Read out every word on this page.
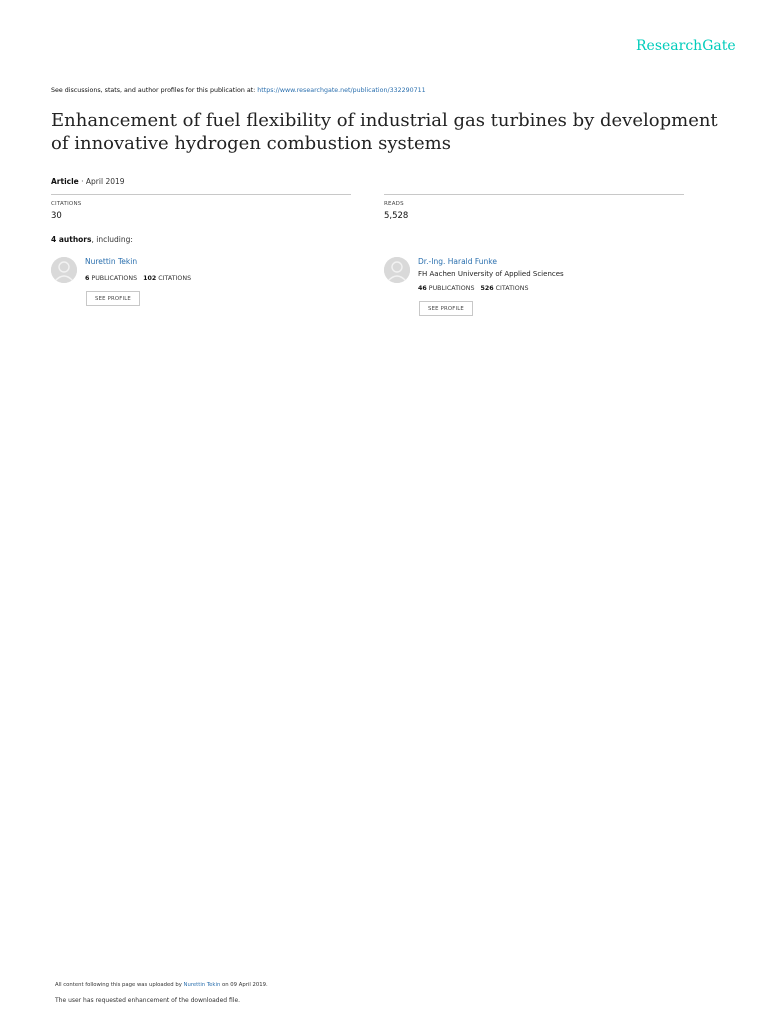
ResearchGate
See discussions, stats, and author profiles for this publication at: https://www.researchgate.net/publication/332290711
Enhancement of fuel flexibility of industrial gas turbines by development of innovative hydrogen combustion systems
Article · April 2019
CITATIONS
30
READS
5,528
4 authors, including:
Nurettin Tekin
6 PUBLICATIONS 102 CITATIONS
SEE PROFILE
Dr.-Ing. Harald Funke
FH Aachen University of Applied Sciences
46 PUBLICATIONS 526 CITATIONS
SEE PROFILE
All content following this page was uploaded by Nurettin Tekin on 09 April 2019.
The user has requested enhancement of the downloaded file.
